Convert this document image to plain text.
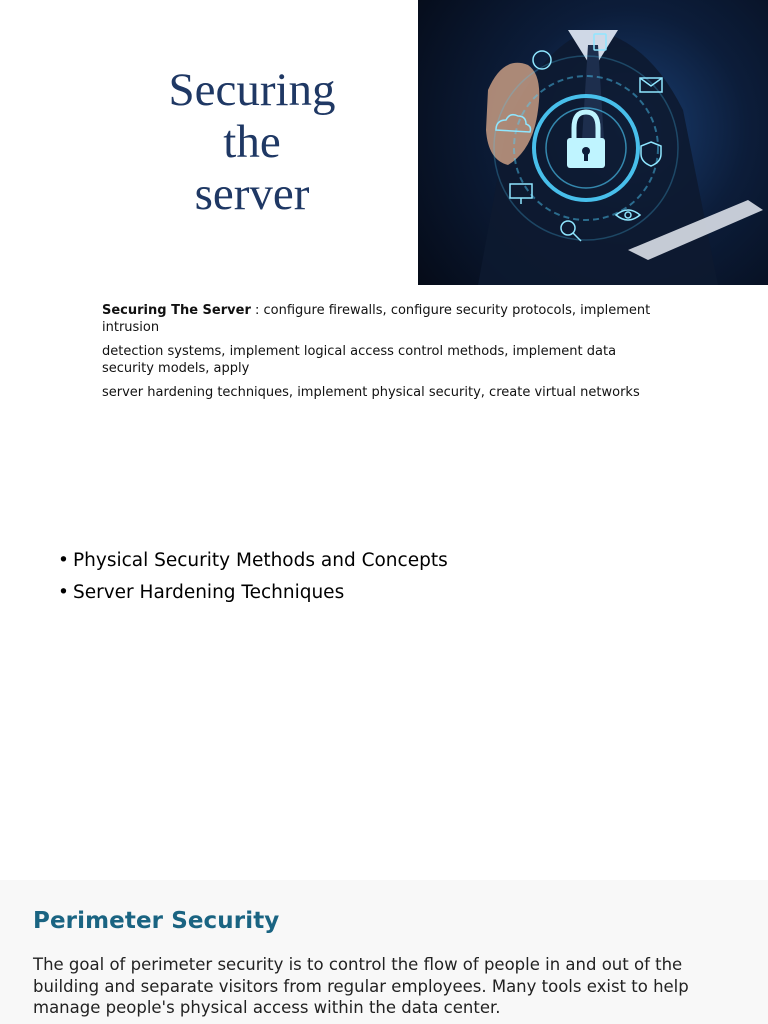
Securing
the
server

Securing The Server : configure firewalls, configure security protocols, implement intrusion

detection systems, implement logical access control methods, implement data security models, apply

server hardening techniques, implement physical security, create virtual networks

• Physical Security Methods and Concepts
• Server Hardening Techniques
Perimeter Security
The goal of perimeter security is to control the flow of people in and out of the
building and separate visitors from regular employees. Many tools exist to help
manage people's physical access within the data center.
